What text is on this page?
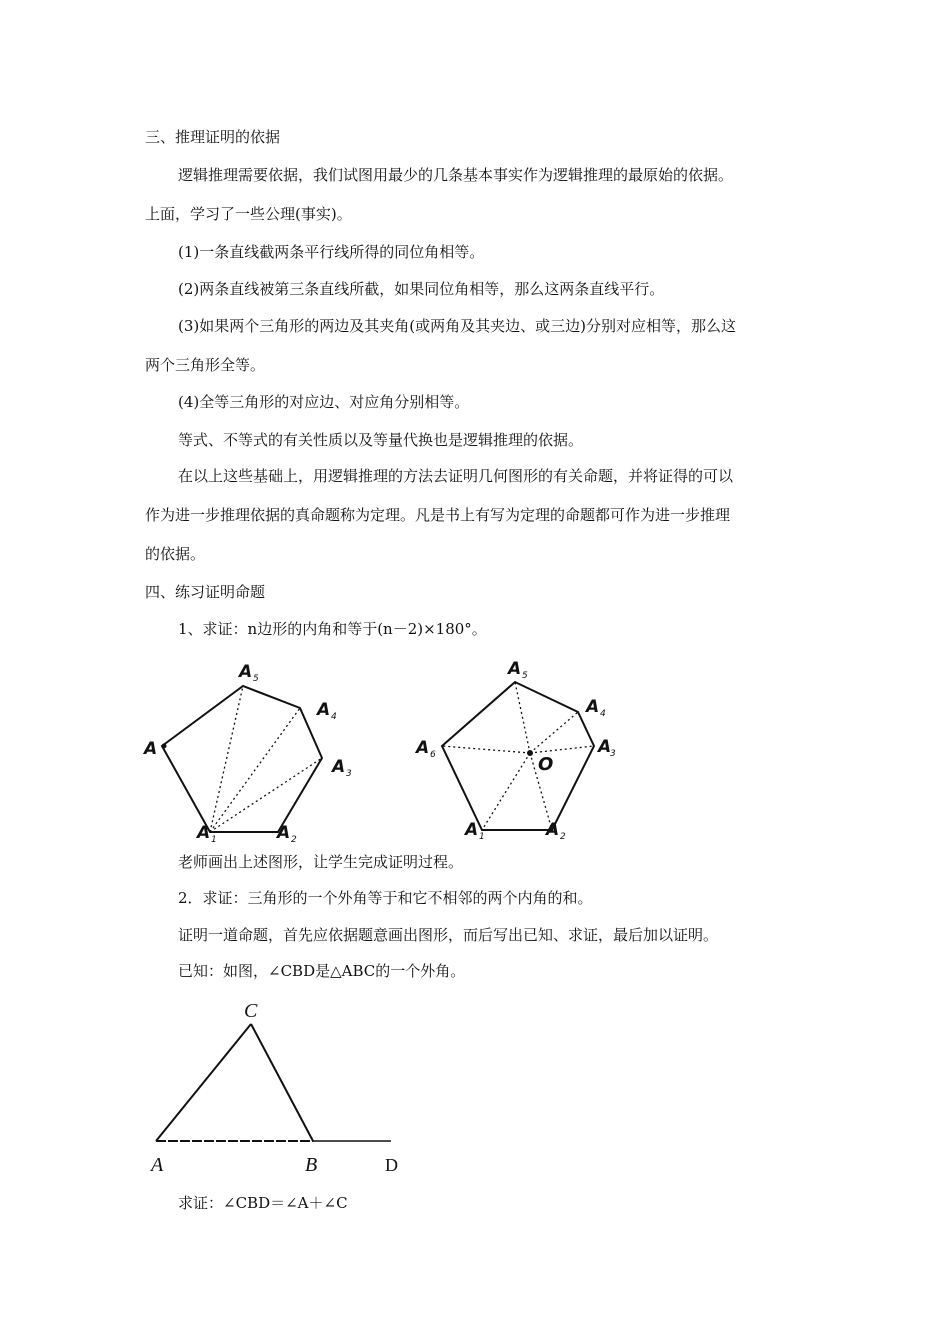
三、推理证明的依据
逻辑推理需要依据，我们试图用最少的几条基本事实作为逻辑推理的最原始的依据。
上面，学习了一些公理(事实)。
(1)一条直线截两条平行线所得的同位角相等。
(2)两条直线被第三条直线所截，如果同位角相等，那么这两条直线平行。
(3)如果两个三角形的两边及其夹角(或两角及其夹边、或三边)分别对应相等，那么这
两个三角形全等。
(4)全等三角形的对应边、对应角分别相等。
等式、不等式的有关性质以及等量代换也是逻辑推理的依据。
在以上这些基础上，用逻辑推理的方法去证明几何图形的有关命题，并将证得的可以
作为进一步推理依据的真命题称为定理。凡是书上有写为定理的命题都可作为进一步推理
的依据。
四、练习证明命题
1、求证：n边形的内角和等于(n－2)×180°。
A 5
A 4
A 3
A
A 1	A 2
A 5
A 4
A
3
A 6	O
A 1	A 2
老师画出上述图形，让学生完成证明过程。
2．求证：三角形的一个外角等于和它不相邻的两个内角的和。
证明一道命题，首先应依据题意画出图形，而后写出已知、求证，最后加以证明。
已知：如图，∠CBD是△ABC的一个外角。
C
A	B	D
求证：∠CBD＝∠A＋∠C
